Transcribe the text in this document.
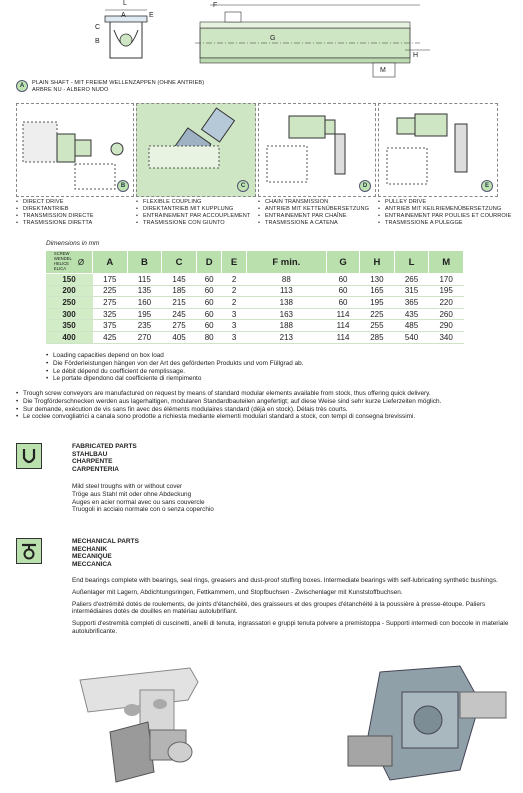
L
A	E
C
B
F
G
H
M
A	PLAIN SHAFT - MIT FREIEM WELLENZAPPEN (OHNE ANTRIEB)
ARBRE NU - ALBERO NUDO
B	C	D	E
• DIRECT DRIVE
• DIREKTANTRIEB
• TRANSMISSION DIRECTE
• TRASMISSIONE DIRETTA
• FLEXIBLE COUPLING
• DIREKTANTRIEB MIT KUPPLUNG
• ENTRAINEMENT PAR ACCOUPLEMENT
• TRASMISSIONE CON GIUNTO
• CHAIN TRANSMISSION
• ANTRIEB MIT KETTENÜBERSETZUNG
• ENTRAINEMENT PAR CHAÎNE
• TRASMISSIONE A CATENA
• PULLEY DRIVE
• ANTRIEB MIT KEILRIEMENÜBERSETZUNG
• ENTRAINEMENT PAR POULIES ET COURROIE
• TRASMISSIONE A PULEGGE
Dimensions in mm
SCREW
WENDEL
HELICE
ELICA
Ø	A	B	C	D	E	F min.	G	H	L	M
150	175	115	145	60	2	88	60	130	265	170
200	225	135	185	60	2	113	60	165	315	195
250	275	160	215	60	2	138	60	195	365	220
300	325	195	245	60	3	163	114	225	435	260
350	375	235	275	60	3	188	114	255	485	290
400	425	270	405	80	3	213	114	285	540	340
• Loading capacities depend on box load
• Die Förderleistungen hängen von der Art des geförderten Produkts und vom Füllgrad ab.
• Le débit dépend du coefficient de remplissage.
• Le portate dipendono dal coefficiente di riempimento
• Trough screw conveyors are manufactured on request by means of standard modular elements available from stock, thus offering quick delivery.
• Die Trogförderschnecken werden aus lagerhaltigen, modularen Standardbauteilen angefertigt; auf diese Weise sind sehr kurze Lieferzeiten möglich.
• Sur demande, exécution de vis sans fin avec des éléments modulaires standard (déjà en stock). Délais très courts.
• Le coclee convogliatrici a canala sono prodotte a richiesta mediante elementi modulari standard a stock, con tempi di consegna brevissimi.
FABRICATED PARTS
STAHLBAU
CHARPENTE
CARPENTERIA
Mild steel troughs with or without cover
Tröge aus Stahl mit oder ohne Abdeckung
Auges en acier normal avec ou sans couvercle
Truogoli in acciaio normale con o senza coperchio
MECHANICAL PARTS
MECHANIK
MECANIQUE
MECCANICA
End bearings complete with bearings, seal rings, greasers and dust-proof stuffing boxes. Intermediate bearings with self-lubricating synthetic bushings.
Außenlager mit Lagern, Abdichtungsringen, Fettkammern, und Stopfbuchsen - Zwischenlager mit Kunststoffbuchsen.
Paliers d'extrémité dotés de roulements, de joints d'étanchéité, des graisseurs et des groupes d'étanchéité à la poussière à presse-étoupe. Paliers intermédiaires dotés de douilles en matériau autolubrifiant.
Supporti d'estremità completi di cuscinetti, anelli di tenuta, ingrassatori e gruppi tenuta polvere a premistoppa - Supporti intermedi con boccole in materiale autolubrificante.
